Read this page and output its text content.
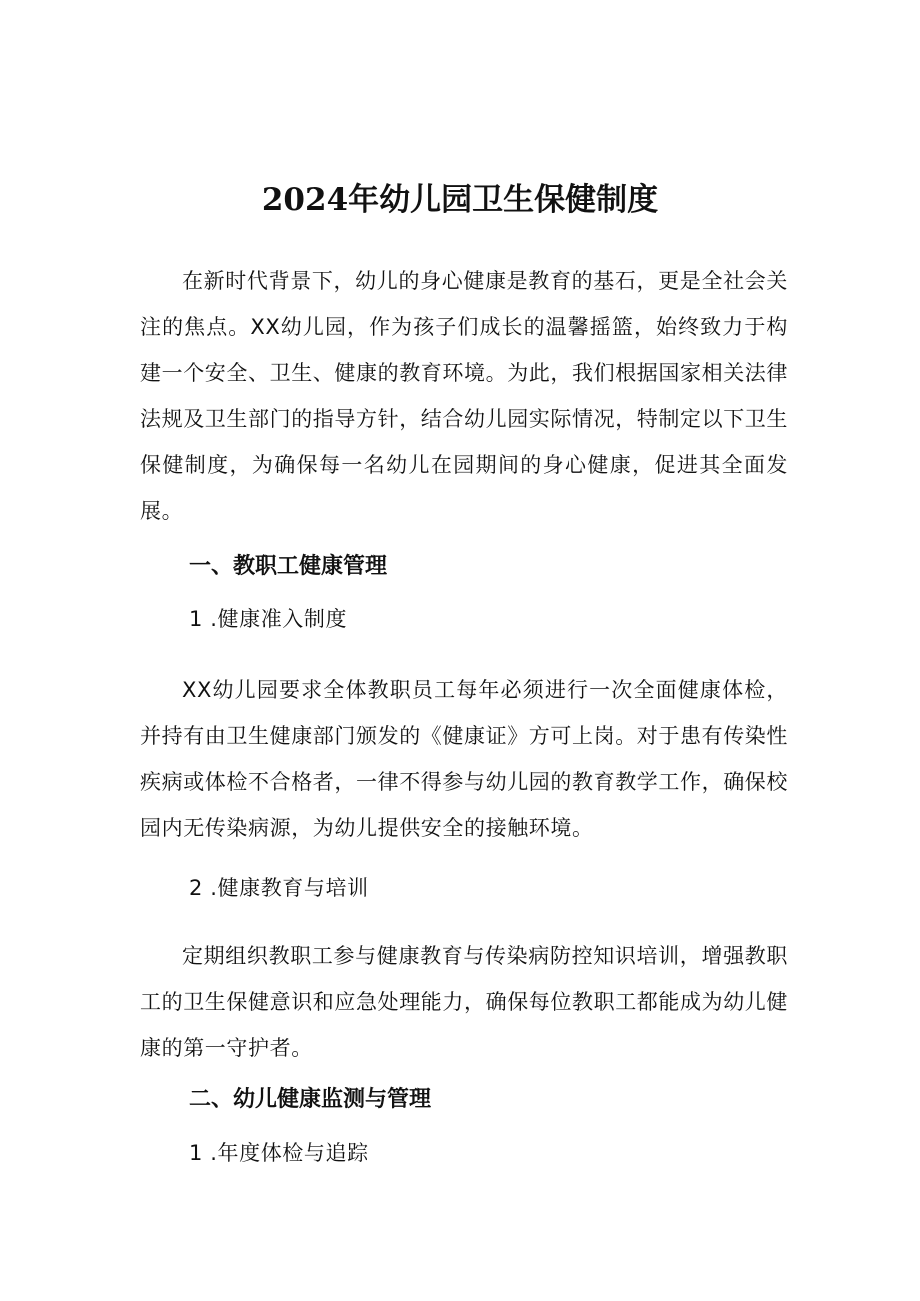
2024年幼儿园卫生保健制度

在新时代背景下，幼儿的身心健康是教育的基石，更是全社会关注的焦点。XX幼儿园，作为孩子们成长的温馨摇篮，始终致力于构建一个安全、卫生、健康的教育环境。为此，我们根据国家相关法律法规及卫生部门的指导方针，结合幼儿园实际情况，特制定以下卫生保健制度，为确保每一名幼儿在园期间的身心健康，促进其全面发展。

一、教职工健康管理

1 .健康准入制度

XX幼儿园要求全体教职员工每年必须进行一次全面健康体检，并持有由卫生健康部门颁发的《健康证》方可上岗。对于患有传染性疾病或体检不合格者，一律不得参与幼儿园的教育教学工作，确保校园内无传染病源，为幼儿提供安全的接触环境。

2 .健康教育与培训

定期组织教职工参与健康教育与传染病防控知识培训，增强教职工的卫生保健意识和应急处理能力，确保每位教职工都能成为幼儿健康的第一守护者。

二、幼儿健康监测与管理

1 .年度体检与追踪
